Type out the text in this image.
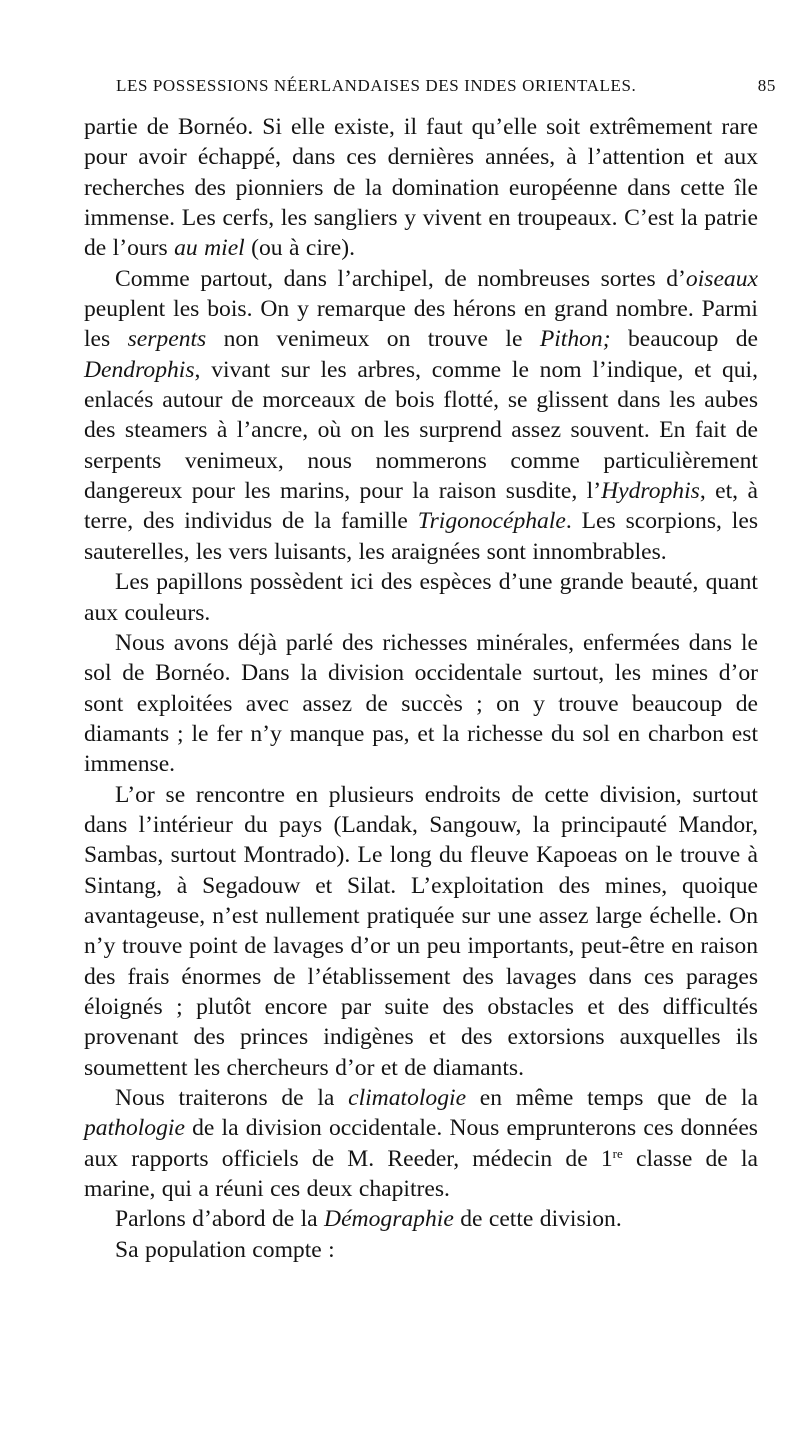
LES POSSESSIONS NÉERLANDAISES DES INDES ORIENTALES.	85

partie de Bornéo. Si elle existe, il faut qu’elle soit extrêmement rare pour avoir échappé, dans ces dernières années, à l’attention et aux recherches des pionniers de la domination européenne dans cette île immense. Les cerfs, les sangliers y vivent en troupeaux. C’est la patrie de l’ours au miel (ou à cire).

Comme partout, dans l’archipel, de nombreuses sortes d’oiseaux peuplent les bois. On y remarque des hérons en grand nombre. Parmi les serpents non venimeux on trouve le Pithon; beaucoup de Dendrophis, vivant sur les arbres, comme le nom l’indique, et qui, enlacés autour de morceaux de bois flotté, se glissent dans les aubes des steamers à l’ancre, où on les surprend assez souvent. En fait de serpents venimeux, nous nommerons comme particulièrement dangereux pour les marins, pour la raison susdite, l’Hydrophis, et, à terre, des individus de la famille Trigonocéphale. Les scorpions, les sauterelles, les vers luisants, les araignées sont innombrables.

Les papillons possèdent ici des espèces d’une grande beauté, quant aux couleurs.

Nous avons déjà parlé des richesses minérales, enfermées dans le sol de Bornéo. Dans la division occidentale surtout, les mines d’or sont exploitées avec assez de succès ; on y trouve beaucoup de diamants ; le fer n’y manque pas, et la richesse du sol en charbon est immense.

L’or se rencontre en plusieurs endroits de cette division, surtout dans l’intérieur du pays (Landak, Sangouw, la principauté Mandor, Sambas, surtout Montrado). Le long du fleuve Kapoeas on le trouve à Sintang, à Segadouw et Silat. L’exploitation des mines, quoique avantageuse, n’est nullement pratiquée sur une assez large échelle. On n’y trouve point de lavages d’or un peu importants, peut-être en raison des frais énormes de l’établissement des lavages dans ces parages éloignés ; plutôt encore par suite des obstacles et des difficultés provenant des princes indigènes et des extorsions auxquelles ils soumettent les chercheurs d’or et de diamants.

Nous traiterons de la climatologie en même temps que de la pathologie de la division occidentale. Nous emprunterons ces données aux rapports officiels de M. Reeder, médecin de 1re classe de la marine, qui a réuni ces deux chapitres.

Parlons d’abord de la Démographie de cette division.

Sa population compte :
